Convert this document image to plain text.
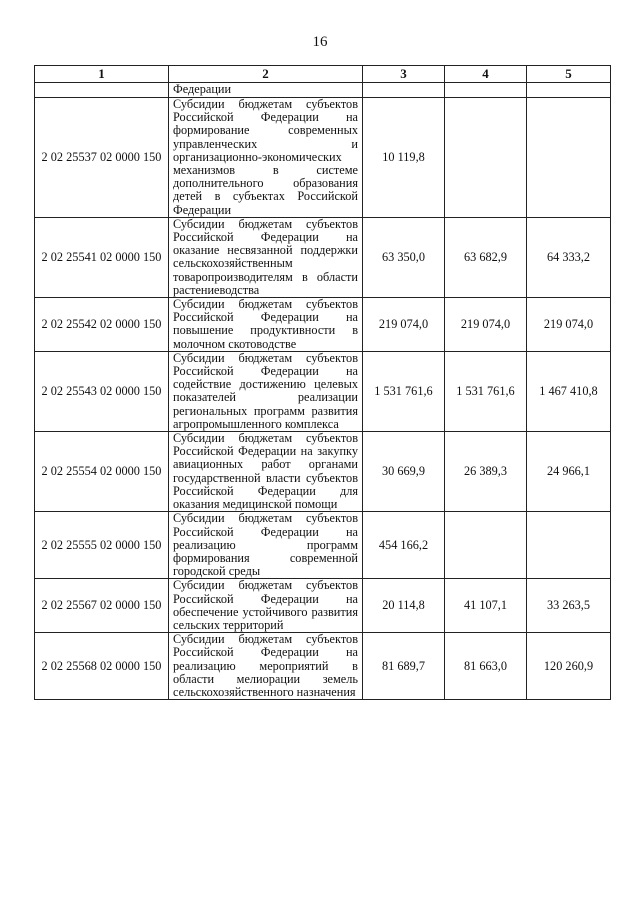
16
1	2	3	4	5
	Федерации			
2 02 25537 02 0000 150	Субсидии бюджетам субъектов Российской Федерации на формирование современных управленческих и организационно-экономических механизмов в системе дополнительного образования детей в субъектах Российской Федерации	10 119,8		
2 02 25541 02 0000 150	Субсидии бюджетам субъектов Российской Федерации на оказание несвязанной поддержки сельскохозяйственным товаропроизводителям в области растениеводства	63 350,0	63 682,9	64 333,2
2 02 25542 02 0000 150	Субсидии бюджетам субъектов Российской Федерации на повышение продуктивности в молочном скотоводстве	219 074,0	219 074,0	219 074,0
2 02 25543 02 0000 150	Субсидии бюджетам субъектов Российской Федерации на содействие достижению целевых показателей реализации региональных программ развития агропромышленного комплекса	1 531 761,6	1 531 761,6	1 467 410,8
2 02 25554 02 0000 150	Субсидии бюджетам субъектов Российской Федерации на закупку авиационных работ органами государственной власти субъектов Российской Федерации для оказания медицинской помощи	30 669,9	26 389,3	24 966,1
2 02 25555 02 0000 150	Субсидии бюджетам субъектов Российской Федерации на реализацию программ формирования современной городской среды	454 166,2		
2 02 25567 02 0000 150	Субсидии бюджетам субъектов Российской Федерации на обеспечение устойчивого развития сельских территорий	20 114,8	41 107,1	33 263,5
2 02 25568 02 0000 150	Субсидии бюджетам субъектов Российской Федерации на реализацию мероприятий в области мелиорации земель сельскохозяйственного назначения	81 689,7	81 663,0	120 260,9
